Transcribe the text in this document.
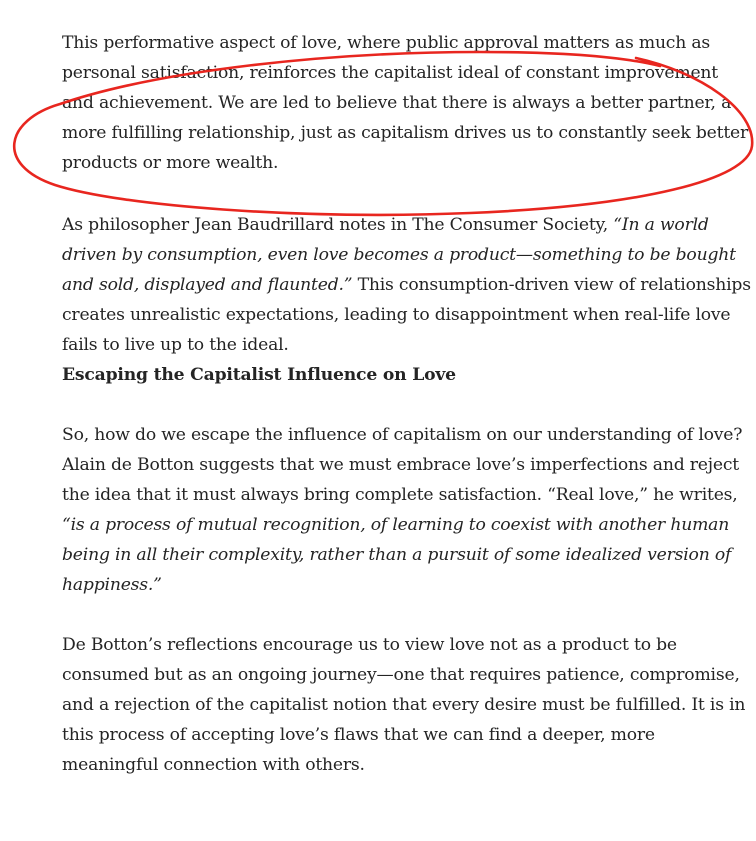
This performative aspect of love, where public approval matters as much as personal satisfaction, reinforces the capitalist ideal of constant improvement and achievement. We are led to believe that there is always a better partner, a more fulfilling relationship, just as capitalism drives us to constantly seek better products or more wealth.

As philosopher Jean Baudrillard notes in The Consumer Society, “In a world driven by consumption, even love becomes a product—something to be bought and sold, displayed and flaunted.” This consumption-driven view of relationships creates unrealistic expectations, leading to disappointment when real-life love fails to live up to the ideal.

Escaping the Capitalist Influence on Love

So, how do we escape the influence of capitalism on our understanding of love? Alain de Botton suggests that we must embrace love’s imperfections and reject the idea that it must always bring complete satisfaction. “Real love,” he writes, “is a process of mutual recognition, of learning to coexist with another human being in all their complexity, rather than a pursuit of some idealized version of happiness.”

De Botton’s reflections encourage us to view love not as a product to be consumed but as an ongoing journey—one that requires patience, compromise, and a rejection of the capitalist notion that every desire must be fulfilled. It is in this process of accepting love’s flaws that we can find a deeper, more meaningful connection with others.
